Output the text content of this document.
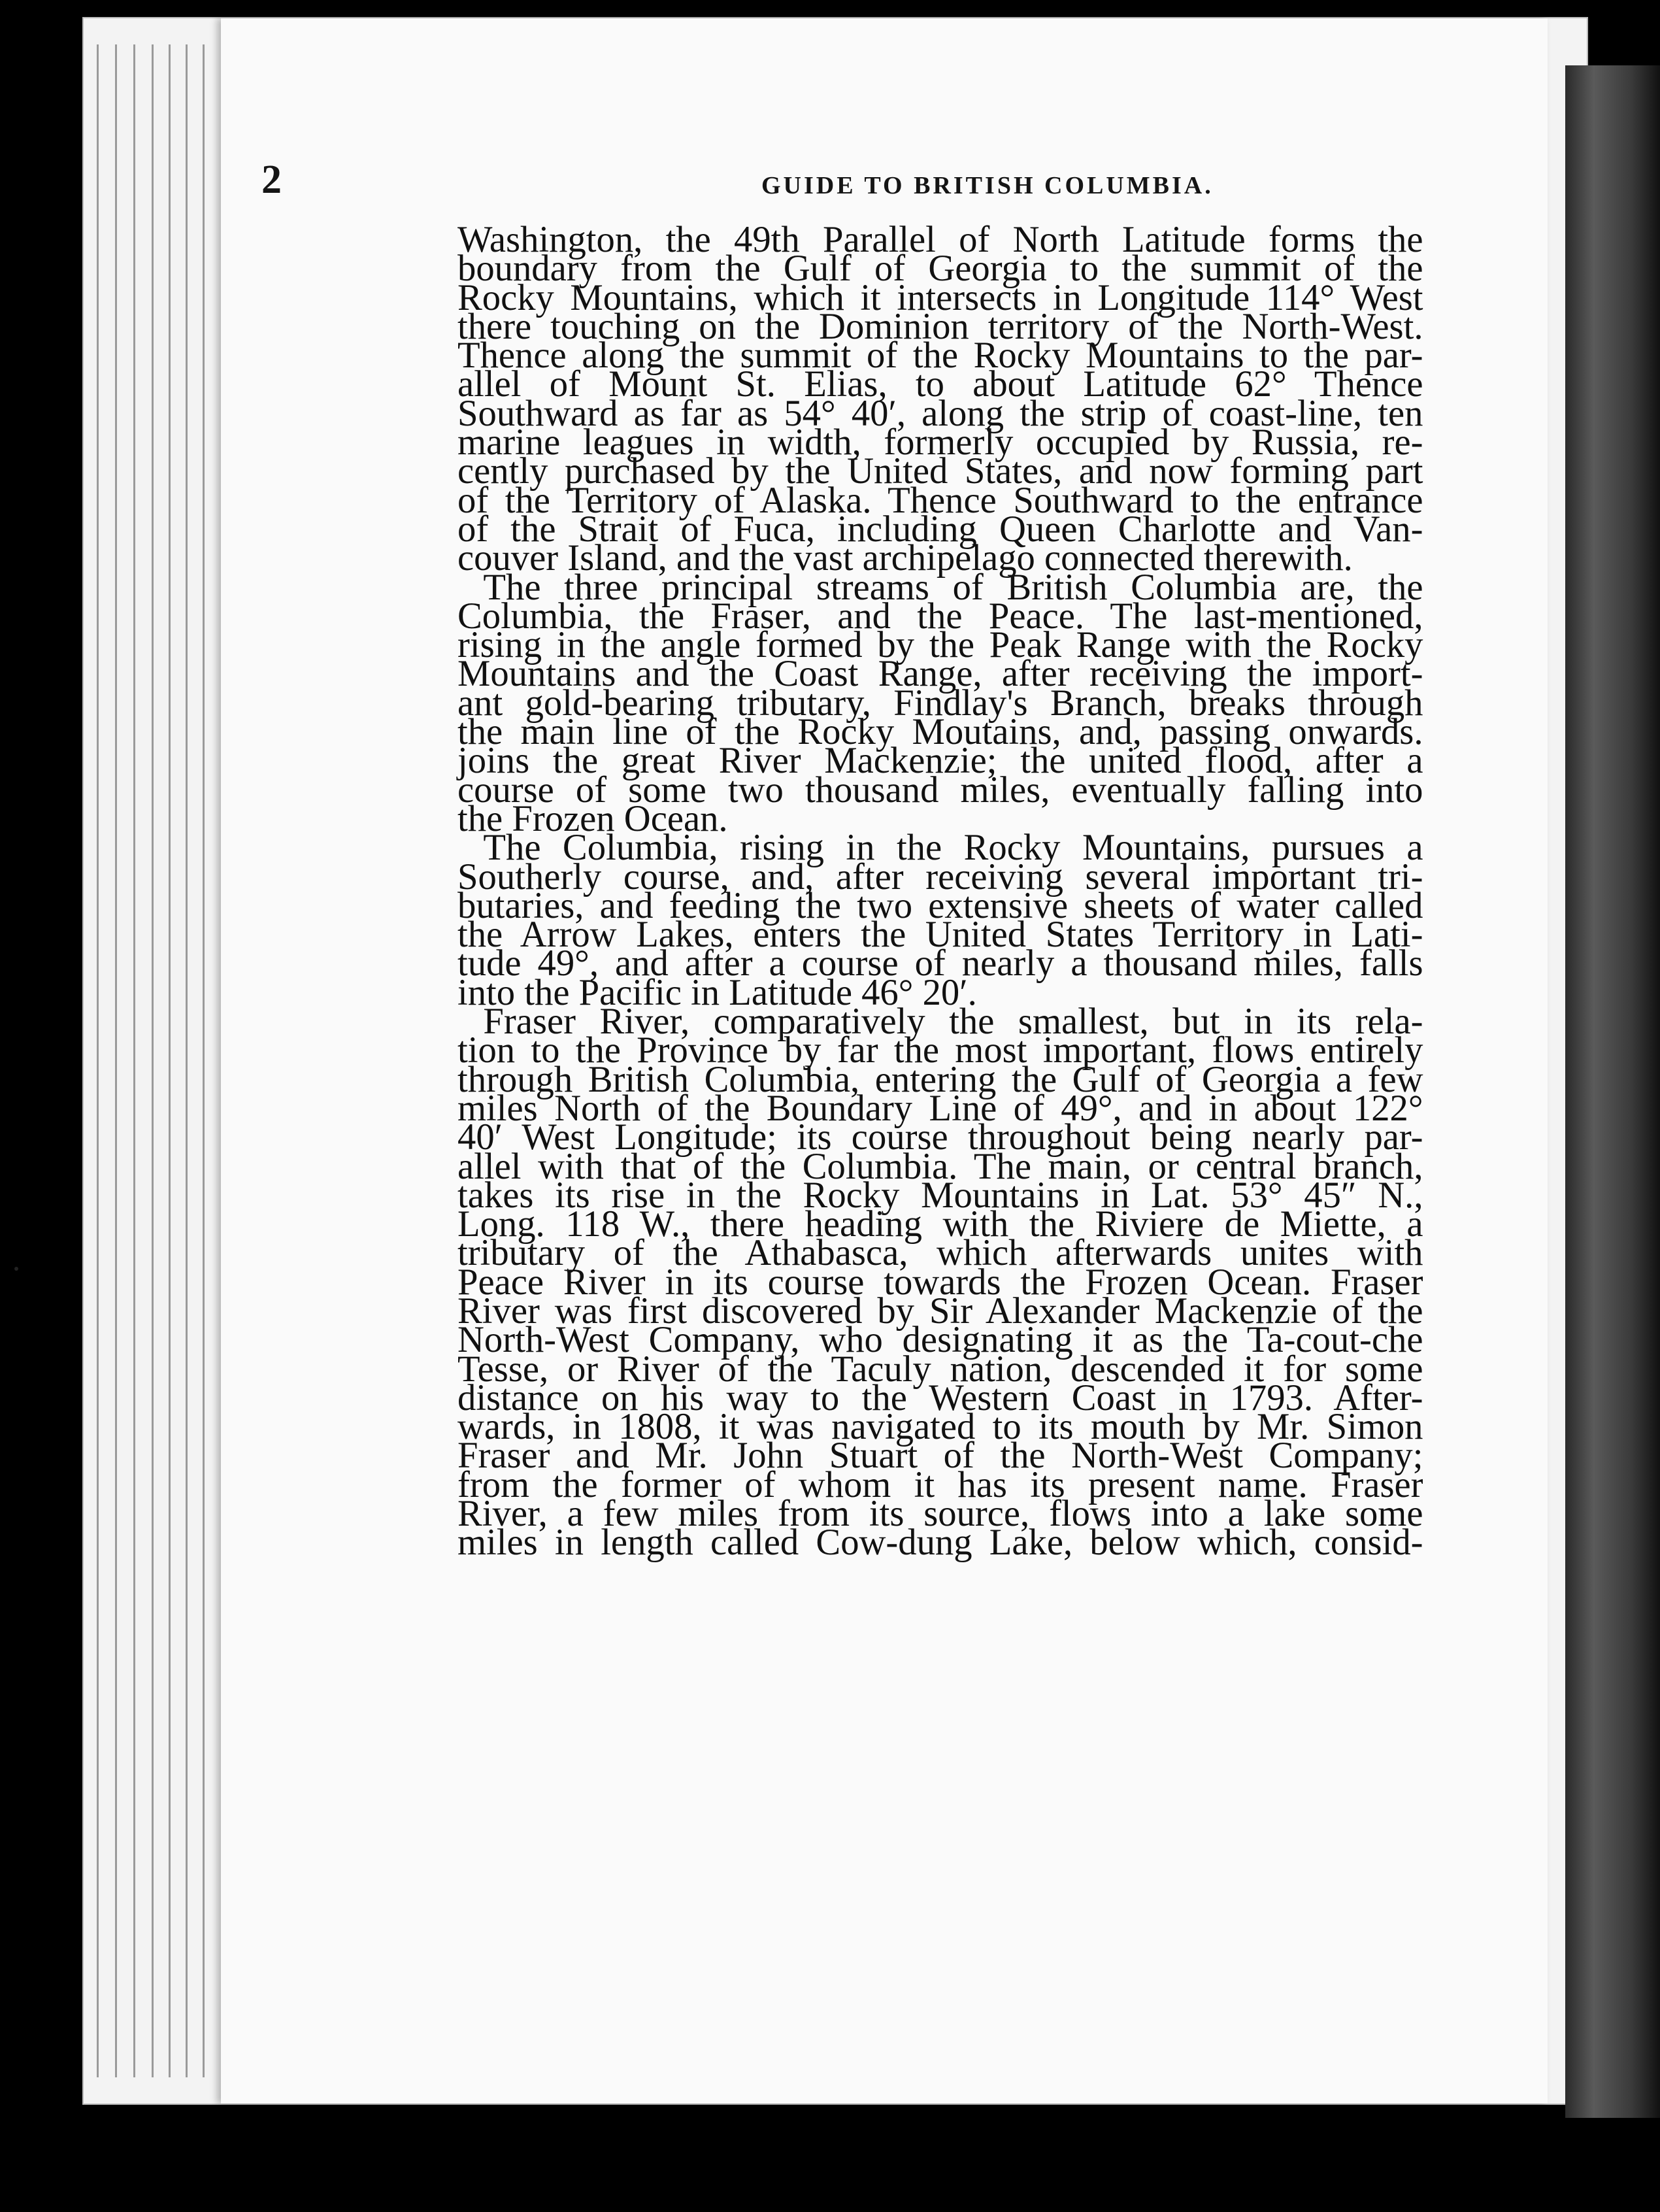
2	GUIDE TO BRITISH COLUMBIA.
Washington, the 49th Parallel of North Latitude forms the
boundary from the Gulf of Georgia to the summit of the
Rocky Mountains, which it intersects in Longitude 114° West
there touching on the Dominion territory of the North-West.
Thence along the summit of the Rocky Mountains to the par-
allel of Mount St. Elias, to about Latitude 62° Thence
Southward as far as 54° 40′, along the strip of coast-line, ten
marine leagues in width, formerly occupied by Russia, re-
cently purchased by the United States, and now forming part
of the Territory of Alaska. Thence Southward to the entrance
of the Strait of Fuca, including Queen Charlotte and Van-
couver Island, and the vast archipelago connected therewith.
The three principal streams of British Columbia are, the
Columbia, the Fraser, and the Peace. The last-mentioned,
rising in the angle formed by the Peak Range with the Rocky
Mountains and the Coast Range, after receiving the import-
ant gold-bearing tributary, Findlay's Branch, breaks through
the main line of the Rocky Moutains, and, passing onwards.
joins the great River Mackenzie; the united flood, after a
course of some two thousand miles, eventually falling into
the Frozen Ocean.
The Columbia, rising in the Rocky Mountains, pursues a
Southerly course, and, after receiving several important tri-
butaries, and feeding the two extensive sheets of water called
the Arrow Lakes, enters the United States Territory in Lati-
tude 49°, and after a course of nearly a thousand miles, falls
into the Pacific in Latitude 46° 20′.
Fraser River, comparatively the smallest, but in its rela-
tion to the Province by far the most important, flows entirely
through British Columbia, entering the Gulf of Georgia a few
miles North of the Boundary Line of 49°, and in about 122°
40′ West Longitude; its course throughout being nearly par-
allel with that of the Columbia. The main, or central branch,
takes its rise in the Rocky Mountains in Lat. 53° 45″ N.,
Long. 118 W., there heading with the Riviere de Miette, a
tributary of the Athabasca, which afterwards unites with
Peace River in its course towards the Frozen Ocean. Fraser
River was first discovered by Sir Alexander Mackenzie of the
North-West Company, who designating it as the Ta-cout-che
Tesse, or River of the Taculy nation, descended it for some
distance on his way to the Western Coast in 1793. After-
wards, in 1808, it was navigated to its mouth by Mr. Simon
Fraser and Mr. John Stuart of the North-West Company;
from the former of whom it has its present name. Fraser
River, a few miles from its source, flows into a lake some
miles in length called Cow-dung Lake, below which, consid-
